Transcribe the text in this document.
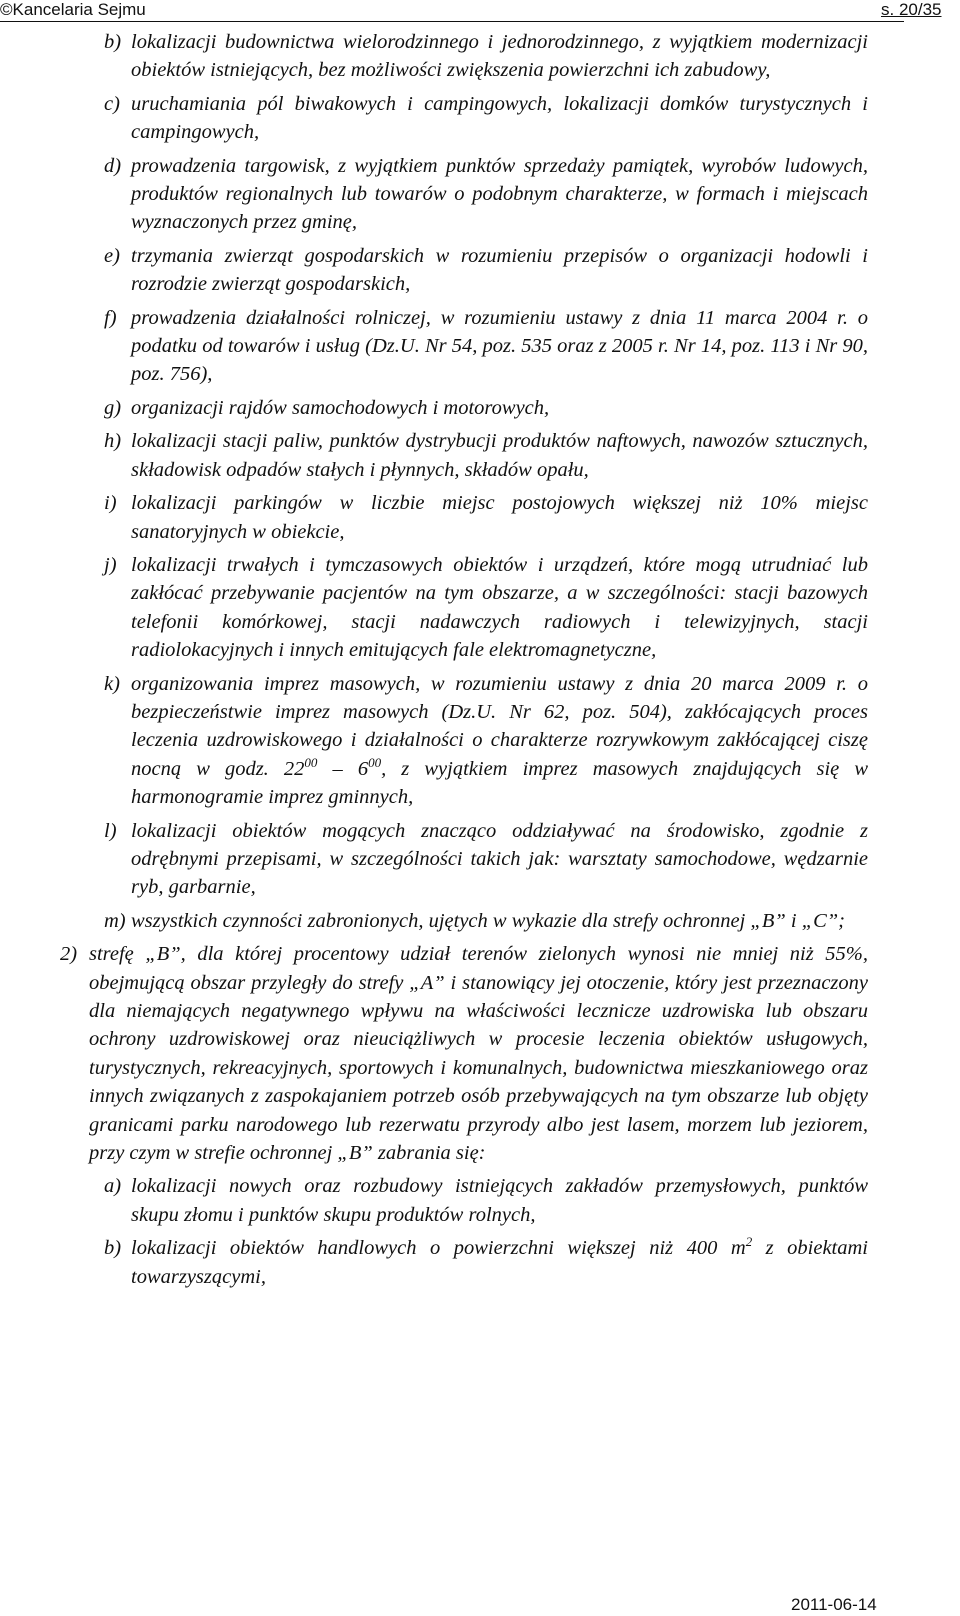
©Kancelaria Sejmu	s. 20/35
b) lokalizacji budownictwa wielorodzinnego i jednorodzinnego, z wyjątkiem modernizacji obiektów istniejących, bez możliwości zwiększenia powierzchni ich zabudowy,
c) uruchamiania pól biwakowych i campingowych, lokalizacji domków turystycznych i campingowych,
d) prowadzenia targowisk, z wyjątkiem punktów sprzedaży pamiątek, wyrobów ludowych, produktów regionalnych lub towarów o podobnym charakterze, w formach i miejscach wyznaczonych przez gminę,
e) trzymania zwierząt gospodarskich w rozumieniu przepisów o organizacji hodowli i rozrodzie zwierząt gospodarskich,
f) prowadzenia działalności rolniczej, w rozumieniu ustawy z dnia 11 marca 2004 r. o podatku od towarów i usług (Dz.U. Nr 54, poz. 535 oraz z 2005 r. Nr 14, poz. 113 i Nr 90, poz. 756),
g) organizacji rajdów samochodowych i motorowych,
h) lokalizacji stacji paliw, punktów dystrybucji produktów naftowych, nawozów sztucznych, składowisk odpadów stałych i płynnych, składów opału,
i) lokalizacji parkingów w liczbie miejsc postojowych większej niż 10% miejsc sanatoryjnych w obiekcie,
j) lokalizacji trwałych i tymczasowych obiektów i urządzeń, które mogą utrudniać lub zakłócać przebywanie pacjentów na tym obszarze, a w szczególności: stacji bazowych telefonii komórkowej, stacji nadawczych radiowych i telewizyjnych, stacji radiolokacyjnych i innych emitujących fale elektromagnetyczne,
k) organizowania imprez masowych, w rozumieniu ustawy z dnia 20 marca 2009 r. o bezpieczeństwie imprez masowych (Dz.U. Nr 62, poz. 504), zakłócających proces leczenia uzdrowiskowego i działalności o charakterze rozrywkowym zakłócającej ciszę nocną w godz. $22^{00} - 6^{00}$, z wyjątkiem imprez masowych znajdujących się w harmonogramie imprez gminnych,
l) lokalizacji obiektów mogących znacząco oddziaływać na środowisko, zgodnie z odrębnymi przepisami, w szczególności takich jak: warsztaty samochodowe, wędzarnie ryb, garbarnie,
m) wszystkich czynności zabronionych, ujętych w wykazie dla strefy ochronnej „B” i „C”;
2) strefę „B”, dla której procentowy udział terenów zielonych wynosi nie mniej niż 55%, obejmującą obszar przyległy do strefy „A” i stanowiący jej otoczenie, który jest przeznaczony dla niemających negatywnego wpływu na właściwości lecznicze uzdrowiska lub obszaru ochrony uzdrowiskowej oraz nieuciążliwych w procesie leczenia obiektów usługowych, turystycznych, rekreacyjnych, sportowych i komunalnych, budownictwa mieszkaniowego oraz innych związanych z zaspokajaniem potrzeb osób przebywających na tym obszarze lub objęty granicami parku narodowego lub rezerwatu przyrody albo jest lasem, morzem lub jeziorem, przy czym w strefie ochronnej „B” zabrania się:
a) lokalizacji nowych oraz rozbudowy istniejących zakładów przemysłowych, punktów skupu złomu i punktów skupu produktów rolnych,
b) lokalizacji obiektów handlowych o powierzchni większej niż 400 $m^2$ z obiektami towarzyszącymi,
2011-06-14
